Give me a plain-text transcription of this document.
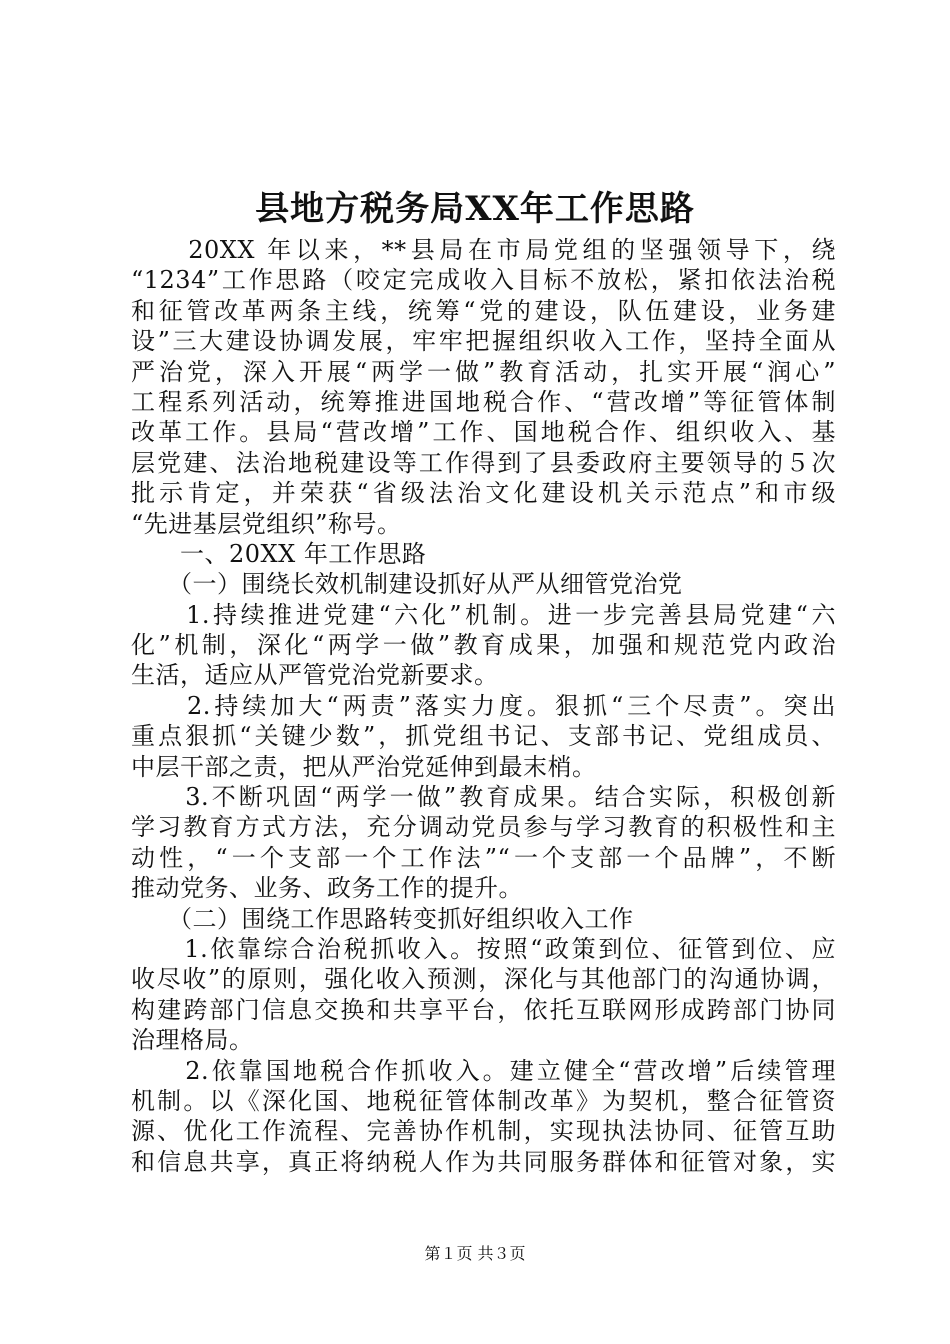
县地方税务局XX年工作思路
　　20XX 年以来，**县局在市局党组的坚强领导下，绕
“1234”工作思路（咬定完成收入目标不放松，紧扣依法治税
和征管改革两条主线，统筹“党的建设，队伍建设，业务建
设”三大建设协调发展，牢牢把握组织收入工作，坚持全面从
严治党，深入开展“两学一做”教育活动，扎实开展“润心”
工程系列活动，统筹推进国地税合作、“营改增”等征管体制
改革工作。县局“营改增”工作、国地税合作、组织收入、基
层党建、法治地税建设等工作得到了县委政府主要领导的５次
批示肯定，并荣获“省级法治文化建设机关示范点”和市级
“先进基层党组织”称号。
　　一、20XX 年工作思路
　　（一）围绕长效机制建设抓好从严从细管党治党
　　1.持续推进党建“六化”机制。进一步完善县局党建“六
化”机制，深化“两学一做”教育成果，加强和规范党内政治
生活，适应从严管党治党新要求。
　　2.持续加大“两责”落实力度。狠抓“三个尽责”。突出
重点狠抓“关键少数”，抓党组书记、支部书记、党组成员、
中层干部之责，把从严治党延伸到最末梢。
　　3.不断巩固“两学一做”教育成果。结合实际，积极创新
学习教育方式方法，充分调动党员参与学习教育的积极性和主
动性，“一个支部一个工作法”“一个支部一个品牌”，不断
推动党务、业务、政务工作的提升。
　　（二）围绕工作思路转变抓好组织收入工作
　　1.依靠综合治税抓收入。按照“政策到位、征管到位、应
收尽收”的原则，强化收入预测，深化与其他部门的沟通协调，
构建跨部门信息交换和共享平台，依托互联网形成跨部门协同
治理格局。
　　2.依靠国地税合作抓收入。建立健全“营改增”后续管理
机制。以《深化国、地税征管体制改革》为契机，整合征管资
源、优化工作流程、完善协作机制，实现执法协同、征管互助
和信息共享，真正将纳税人作为共同服务群体和征管对象，实
第１页 共３页
